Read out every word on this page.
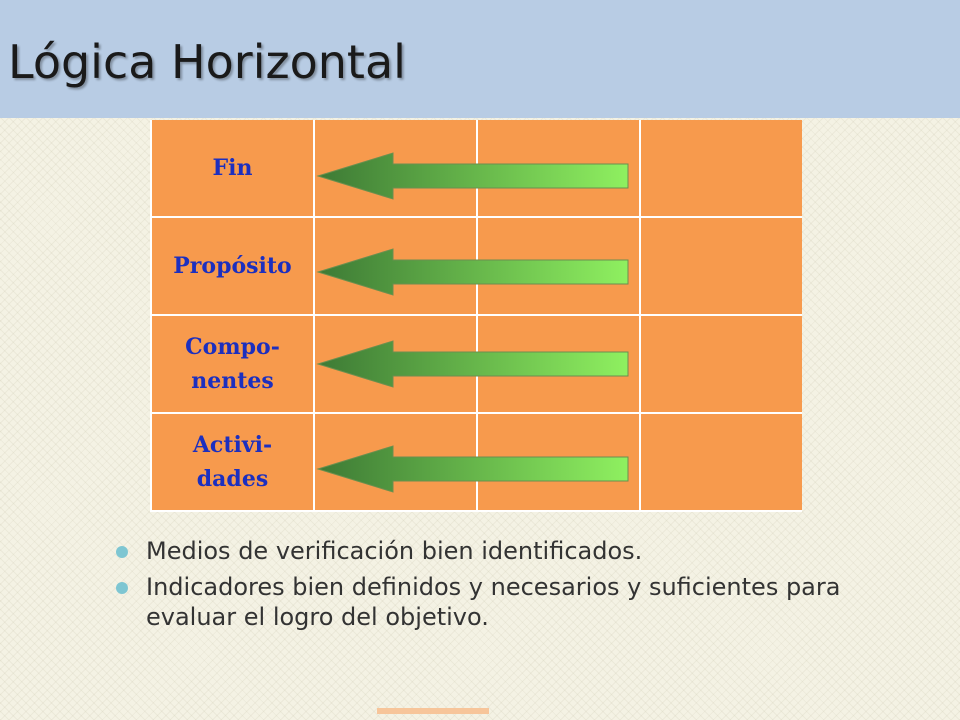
Lógica Horizontal
Fin
Propósito
Compo-
nentes
Activi-
dades
Medios de verificación bien identificados.
Indicadores bien definidos y necesarios y suficientes para evaluar el logro del objetivo.
